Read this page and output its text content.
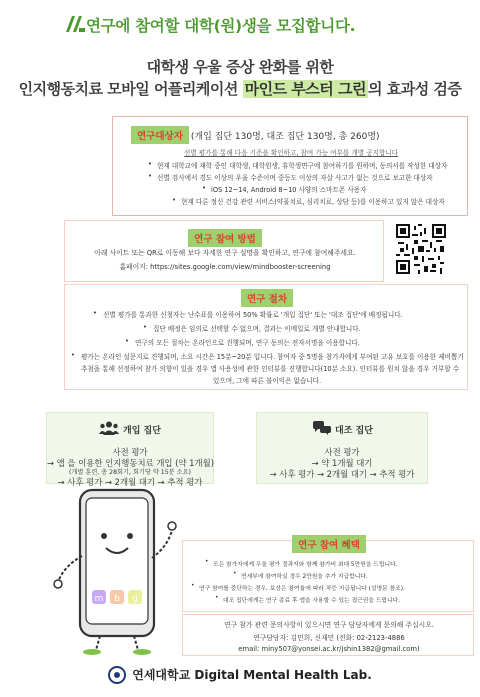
연구에 참여할 대학(원)생을 모집합니다.
대학생 우울 증상 완화를 위한
인지행동치료 모바일 어플리케이션 마인드 부스터 그린 의 효과성 검증
연구대상자 (개입 집단 130명, 대조 집단 130명, 총 260명)
선별 평가를 통해 다음 기준을 확인하고, 참여 가능 여부를 개별 공지합니다
• 현재 대학교에 재학 중인 대학생, 대학원생, 휴학생면구에 참여하기를 원하며, 동의서를 작성한 대상자
• 선별 검사에서 경도 이상의 우울 수준이며 중등도 이상의 자살 사고가 없는 것으로 보고한 대상자
• iOS 12~14, Android 8~10 사양의 스마트폰 사용자
• 현재 다른 정신 건강 관련 서비스(약물치료, 심리치료, 상담 등)를 이용하고 있지 않은 대상자
연구 참여 방법
아래 사이트 또는 QR로 이동해 보다 자세한 연구 설명을 확인하고, 연구에 참여해주세요.
홈페이지: https://sites.google.com/view/mindbooster-screening
연구 절차
• 선별 평가를 통과한 신청자는 난수표를 이용하여 50% 확률로 '개입 집단' 또는 '대조 집단'에 배정됩니다.
• 집단 배정은 임의로 선택할 수 없으며, 결과는 이메일로 개별 안내합니다.
• 연구의 모든 절차는 온라인으로 진행되며, 연구 동의는 전자서명을 이용합니다.
• 평가는 온라인 설문지로 진행되며, 소요 시간은 15분~20분 입니다. 참여자 중 5명을 참가자에게 부여된 고유 보호를 이용한 제비뽑기
추첨을 통해 선정하여 참가 의향이 있을 경우 앱 사용성에 관한 인터뷰를 진행합니다(10분 소요). 인터뷰를 원치 않을 경우 거부할 수
있으며, 그에 따른 불이익은 없습니다.
개입 집단
사전 평가
→ 앱 을 이용한 인지행동치료 개입 (약 1개월)
(개별 훈련, 총 28회기, 회기당 약 15분 소요)
→ 사후 평가 → 2개월 대기 → 추적 평가
대조 집단
사전 평가
→ 약 1개월 대기
→ 사후 평가 → 2개월 대기 → 추적 평가
m b g
연구 참여 혜택
• 모든 참가자에게 우울 평가 결과지와 함께 참가비 최대 5만원을 드립니다.
• 면세부에 참여하실 경우 2만원을 추가 지급합니다.
• 연구 참여를 중단하는 경우, 보상은 참여율에 따라 차등 지급됩니다 (설명문 참조).
• 대조 집단에게는 연구 종료 후 앱을 사용할 수 있는 접근권을 드립니다.
연구 참가 관련 문의사항이 있으시면 연구 담당자에게 문의해 주십시오.
연구담당자: 김민희, 신재민 (전화: 02-2123-4886
email: miny507@yonsei.ac.kr/jshin1382@gmail.com)
연세대학교 Digital Mental Health Lab.
